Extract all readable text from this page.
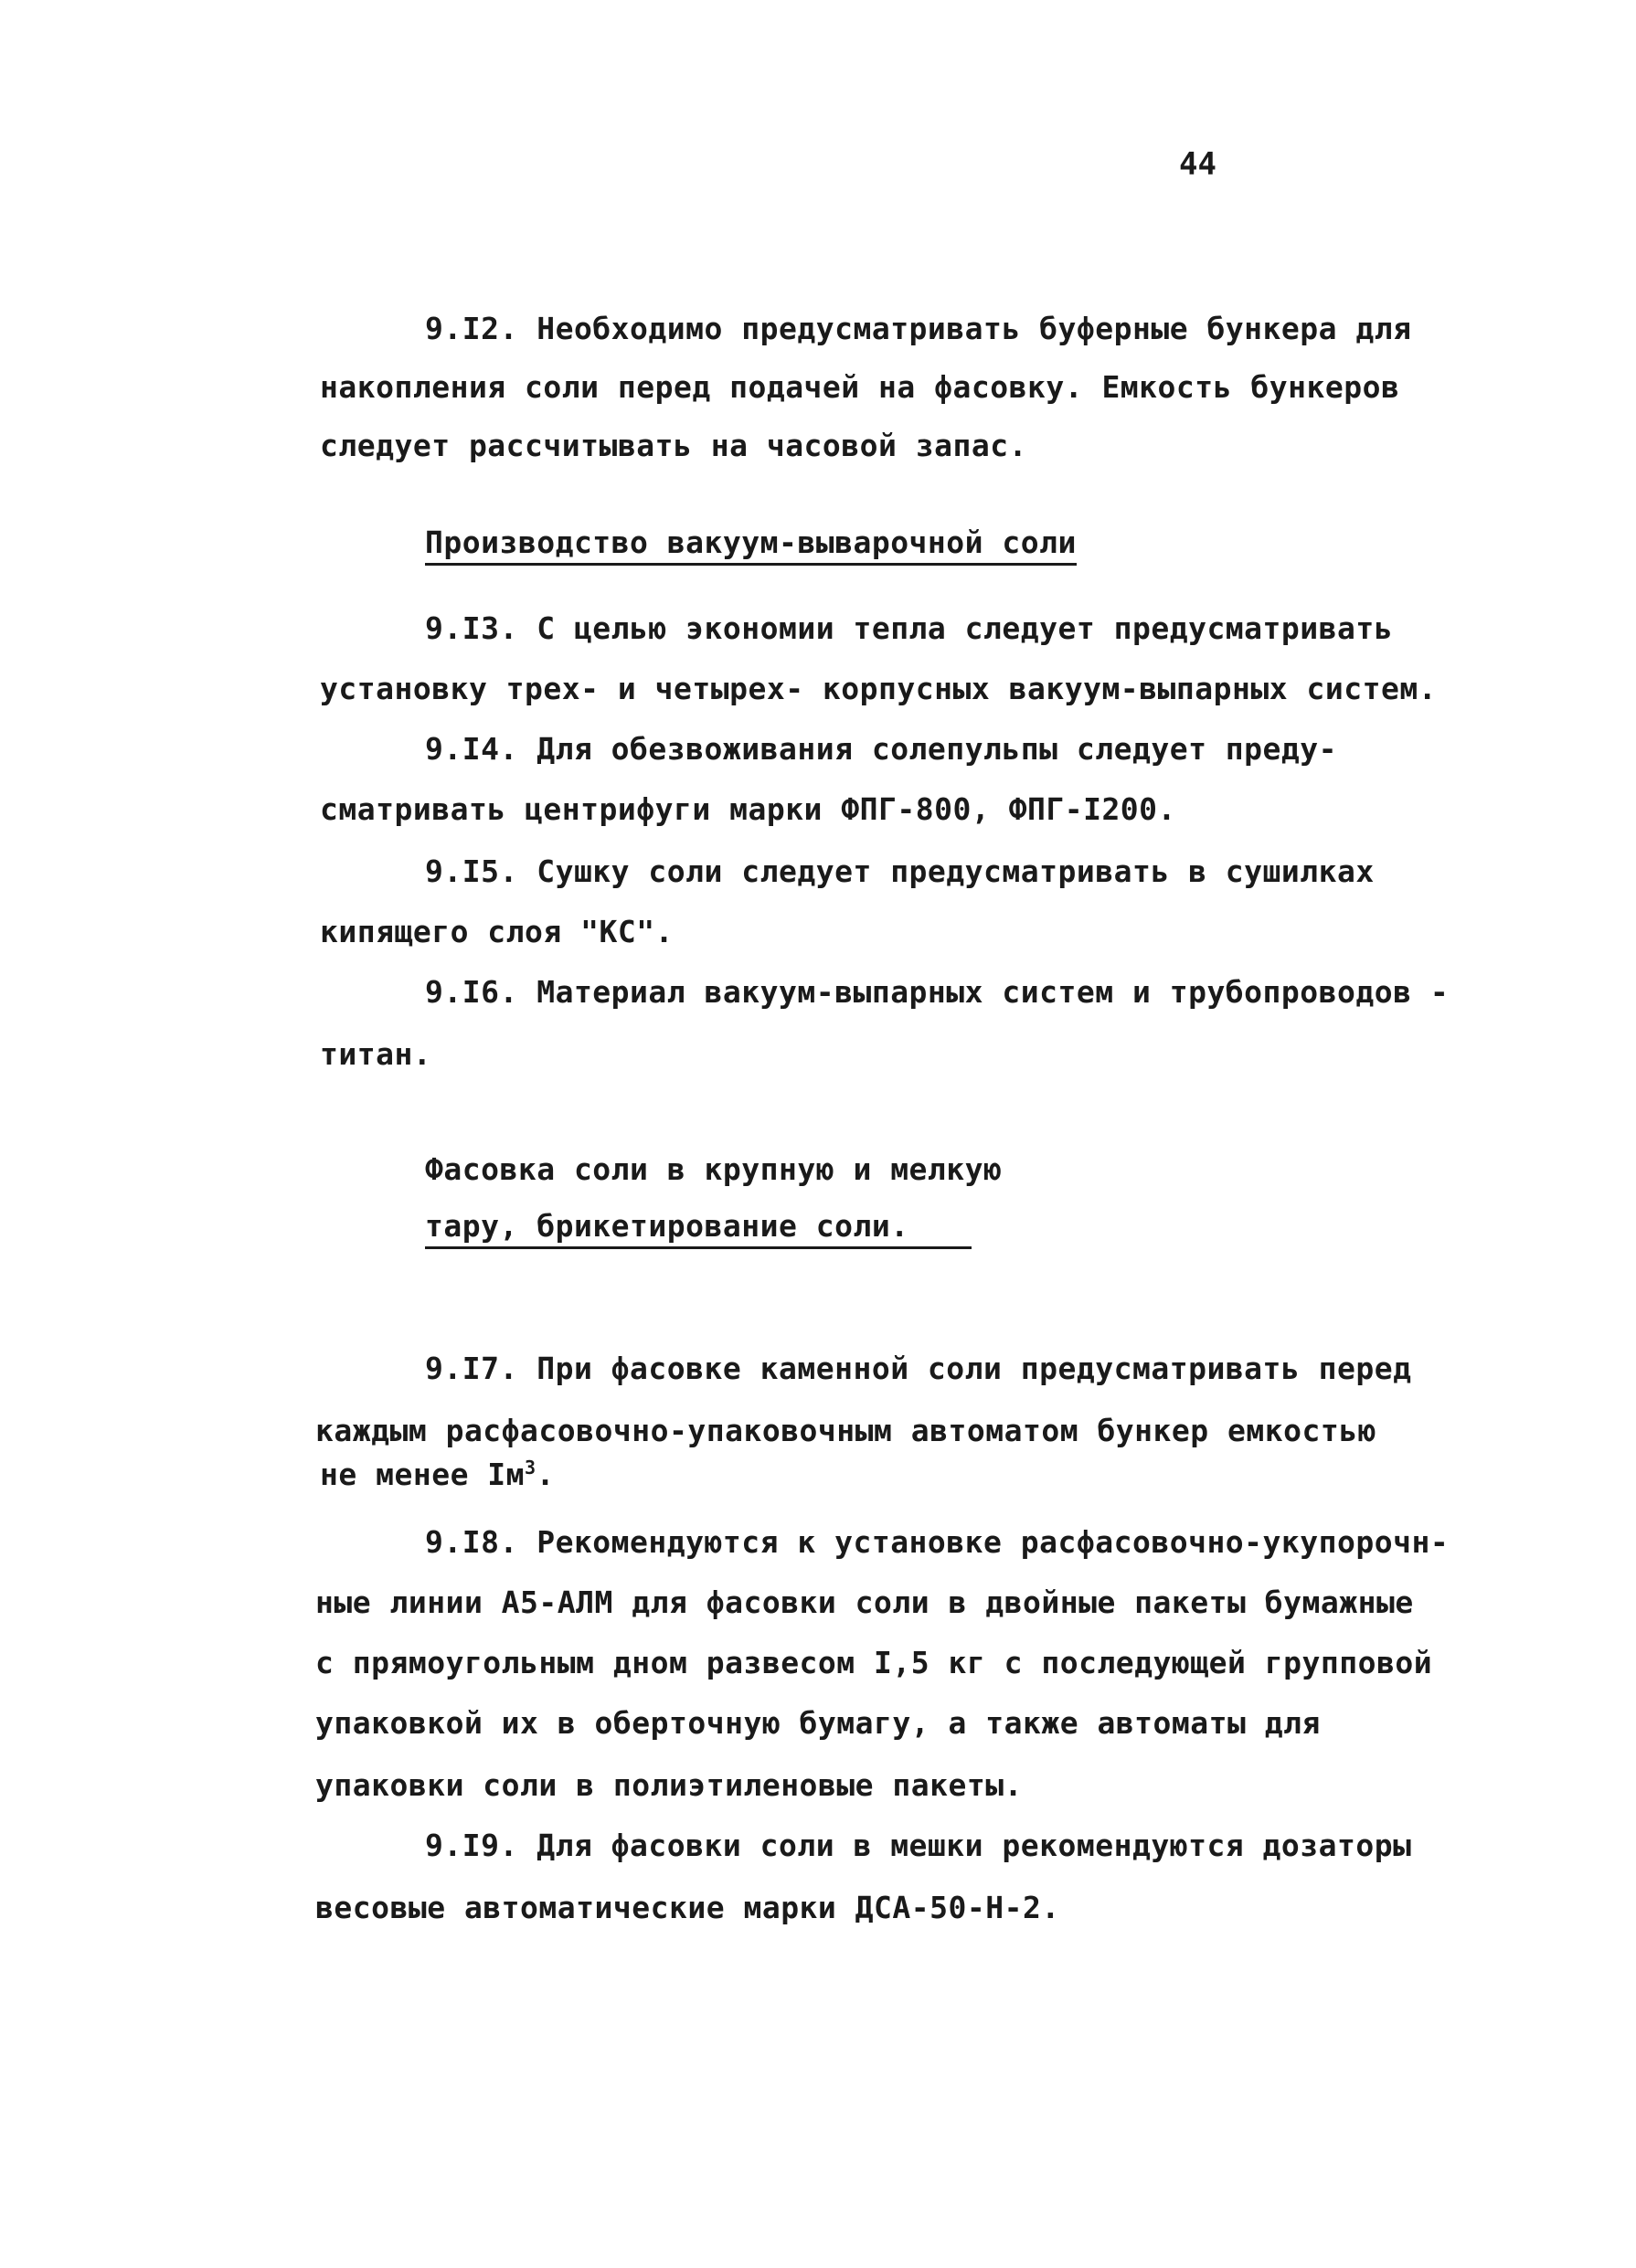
44
9.I2. Необходимо предусматривать буферные бункера для
накопления соли перед подачей на фасовку. Емкость бункеров
следует рассчитывать на часовой запас.
Производство вакуум-выварочной соли
9.I3. С целью экономии тепла следует предусматривать
установку трех- и четырех- корпусных вакуум-выпарных систем.
9.I4. Для обезвоживания солепульпы следует преду-
сматривать центрифуги марки ФПГ-800, ФПГ-I200.
9.I5. Сушку соли следует предусматривать в сушилках
кипящего слоя "КС".
9.I6. Материал вакуум-выпарных систем и трубопроводов -
титан.
Фасовка соли в крупную и мелкую
тару, брикетирование соли.
9.I7. При фасовке каменной соли предусматривать перед
каждым расфасовочно-упаковочным автоматом бункер емкостью
не менее $Iм^3$.
9.I8. Рекомендуются к установке расфасовочно-укупорочн-
ные линии А5-АЛМ для фасовки соли в двойные пакеты бумажные
с прямоугольным дном развесом I,5 кг с последующей групповой
упаковкой их в оберточную бумагу, а также автоматы для
упаковки соли в полиэтиленовые пакеты.
9.I9. Для фасовки соли в мешки рекомендуются дозаторы
весовые автоматические марки ДСА-50-Н-2.
